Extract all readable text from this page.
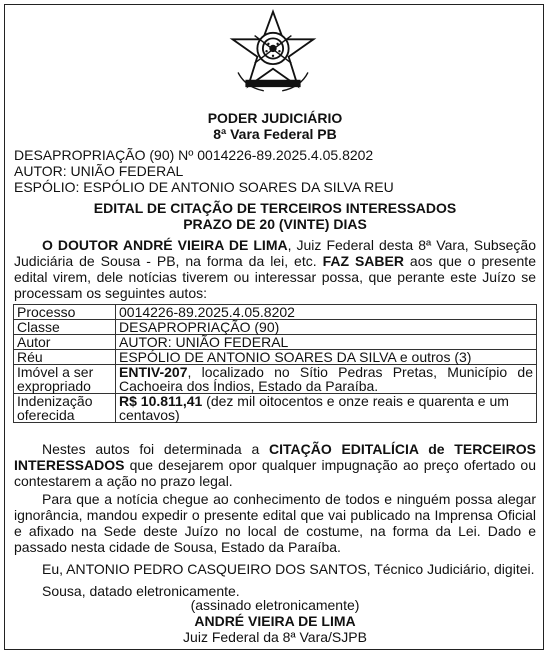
PODER JUDICIÁRIO
8ª Vara Federal PB
DESAPROPRIAÇÃO (90) Nº 0014226-89.2025.4.05.8202
AUTOR: UNIÃO FEDERAL
ESPÓLIO: ESPÓLIO DE ANTONIO SOARES DA SILVA REU
EDITAL DE CITAÇÃO DE TERCEIROS INTERESSADOS
PRAZO DE 20 (VINTE) DIAS
O DOUTOR ANDRÉ VIEIRA DE LIMA, Juiz Federal desta 8ª Vara, Subseção Judiciária de Sousa - PB, na forma da lei, etc. FAZ SABER aos que o presente edital virem, dele notícias tiverem ou interessar possa, que perante este Juízo se processam os seguintes autos:
Processo	0014226-89.2025.4.05.8202
Classe	DESAPROPRIAÇÃO (90)
Autor	AUTOR: UNIÃO FEDERAL
Réu	ESPÓLIO DE ANTONIO SOARES DA SILVA e outros (3)
Imóvel a ser expropriado	ENTIV-207, localizado no Sítio Pedras Pretas, Município de Cachoeira dos Índios, Estado da Paraíba.
Indenização oferecida	R$ 10.811,41 (dez mil oitocentos e onze reais e quarenta e um centavos)
Nestes autos foi determinada a CITAÇÃO EDITALÍCIA de TERCEIROS INTERESSADOS que desejarem opor qualquer impugnação ao preço ofertado ou contestarem a ação no prazo legal.
Para que a notícia chegue ao conhecimento de todos e ninguém possa alegar ignorância, mandou expedir o presente edital que vai publicado na Imprensa Oficial e afixado na Sede deste Juízo no local de costume, na forma da Lei. Dado e passado nesta cidade de Sousa, Estado da Paraíba.
Eu, ANTONIO PEDRO CASQUEIRO DOS SANTOS, Técnico Judiciário, digitei.
Sousa, datado eletronicamente.
(assinado eletronicamente)
ANDRÉ VIEIRA DE LIMA
Juiz Federal da 8ª Vara/SJPB
